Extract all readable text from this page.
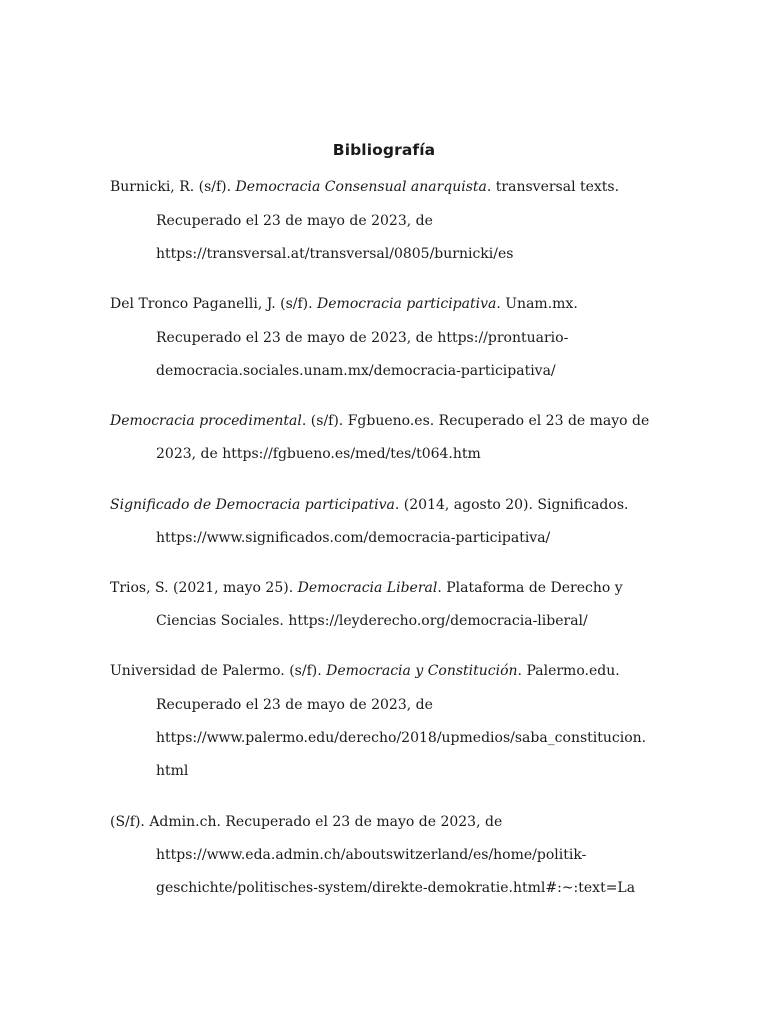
Bibliografía
Burnicki, R. (s/f). Democracia Consensual anarquista. transversal texts.
Recuperado el 23 de mayo de 2023, de
https://transversal.at/transversal/0805/burnicki/es
Del Tronco Paganelli, J. (s/f). Democracia participativa. Unam.mx.
Recuperado el 23 de mayo de 2023, de https://prontuario-
democracia.sociales.unam.mx/democracia-participativa/
Democracia procedimental. (s/f). Fgbueno.es. Recuperado el 23 de mayo de
2023, de https://fgbueno.es/med/tes/t064.htm
Significado de Democracia participativa. (2014, agosto 20). Significados.
https://www.significados.com/democracia-participativa/
Trios, S. (2021, mayo 25). Democracia Liberal. Plataforma de Derecho y
Ciencias Sociales. https://leyderecho.org/democracia-liberal/
Universidad de Palermo. (s/f). Democracia y Constitución. Palermo.edu.
Recuperado el 23 de mayo de 2023, de
https://www.palermo.edu/derecho/2018/upmedios/saba_constitucion.
html
(S/f). Admin.ch. Recuperado el 23 de mayo de 2023, de
https://www.eda.admin.ch/aboutswitzerland/es/home/politik-
geschichte/politisches-system/direkte-demokratie.html#:~:text=La
